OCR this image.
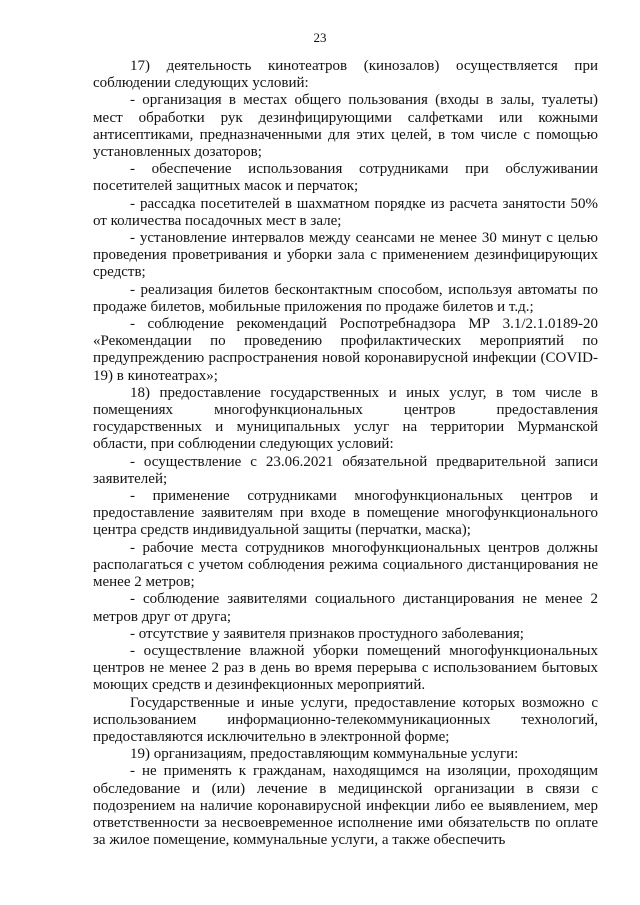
23

17) деятельность кинотеатров (кинозалов) осуществляется при соблюдении следующих условий:

- организация в местах общего пользования (входы в залы, туалеты) мест обработки рук дезинфицирующими салфетками или кожными антисептиками, предназначенными для этих целей, в том числе с помощью установленных дозаторов;

- обеспечение использования сотрудниками при обслуживании посетителей защитных масок и перчаток;

- рассадка посетителей в шахматном порядке из расчета занятости 50% от количества посадочных мест в зале;

- установление интервалов между сеансами не менее 30 минут с целью проведения проветривания и уборки зала с применением дезинфицирующих средств;

- реализация билетов бесконтактным способом, используя автоматы по продаже билетов, мобильные приложения по продаже билетов и т.д.;

- соблюдение рекомендаций Роспотребнадзора МР 3.1/2.1.0189-20 «Рекомендации по проведению профилактических мероприятий по предупреждению распространения новой коронавирусной инфекции (COVID-19) в кинотеатрах»;

18) предоставление государственных и иных услуг, в том числе в помещениях многофункциональных центров предоставления государственных и муниципальных услуг на территории Мурманской области, при соблюдении следующих условий:

- осуществление с 23.06.2021 обязательной предварительной записи заявителей;

- применение сотрудниками многофункциональных центров и предоставление заявителям при входе в помещение многофункционального центра средств индивидуальной защиты (перчатки, маска);

- рабочие места сотрудников многофункциональных центров должны располагаться с учетом соблюдения режима социального дистанцирования не менее 2 метров;

- соблюдение заявителями социального дистанцирования не менее 2 метров друг от друга;

- отсутствие у заявителя признаков простудного заболевания;

- осуществление влажной уборки помещений многофункциональных центров не менее 2 раз в день во время перерыва с использованием бытовых моющих средств и дезинфекционных мероприятий.

Государственные и иные услуги, предоставление которых возможно с использованием информационно-телекоммуникационных технологий, предоставляются исключительно в электронной форме;

19) организациям, предоставляющим коммунальные услуги:

- не применять к гражданам, находящимся на изоляции, проходящим обследование и (или) лечение в медицинской организации в связи с подозрением на наличие коронавирусной инфекции либо ее выявлением, мер ответственности за несвоевременное исполнение ими обязательств по оплате за жилое помещение, коммунальные услуги, а также обеспечить
